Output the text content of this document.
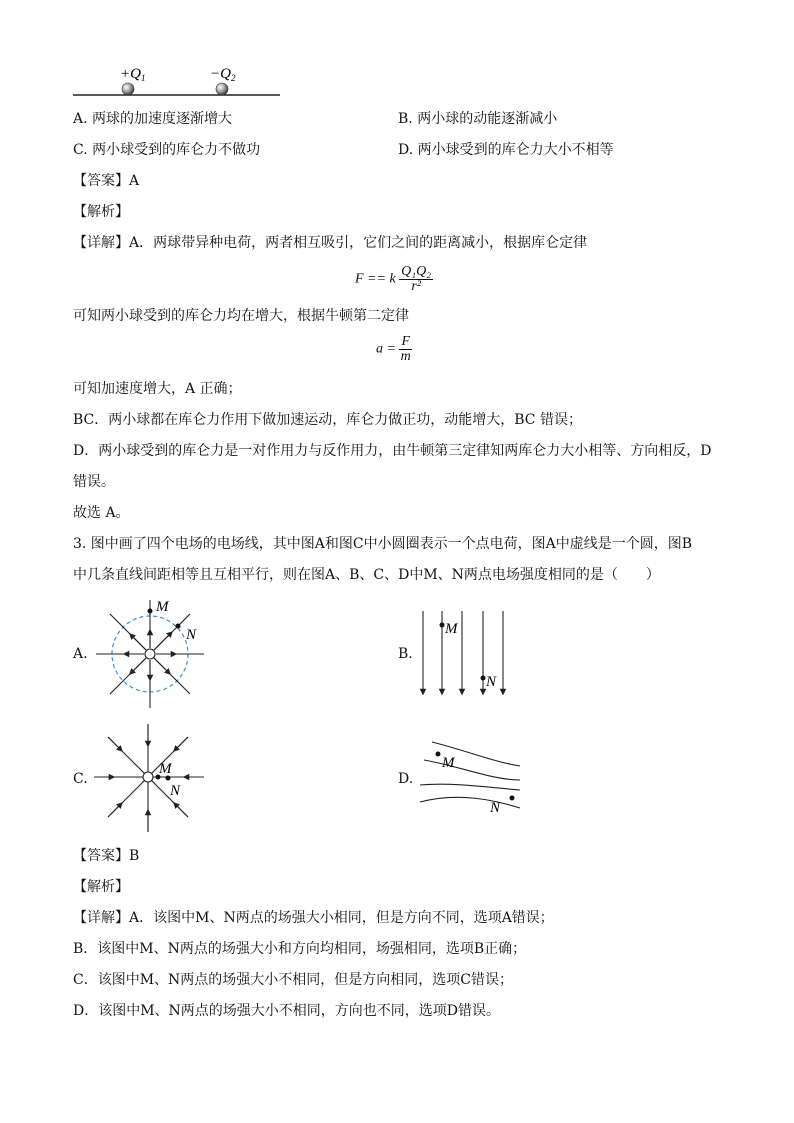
$+Q_1$	$-Q_2$
A. 两球的加速度逐渐增大	B. 两小球的动能逐渐减小
C. 两小球受到的库仑力不做功	D. 两小球受到的库仑力大小不相等
【答案】A
【解析】
【详解】A．两球带异种电荷，两者相互吸引，它们之间的距离减小，根据库仑定律
F == k $\frac{\text{Q₁Q₂}}{\text{r²}}$
可知两小球受到的库仑力均在增大，根据牛顿第二定律
$a = \frac{F}{m}$
可知加速度增大，A 正确；
BC．两小球都在库仑力作用下做加速运动，库仑力做正功，动能增大，BC 错误；
D．两小球受到的库仑力是一对作用力与反作用力，由牛顿第三定律知两库仑力大小相等、方向相反，D
错误。
故选 A。
3. 图中画了四个电场的电场线，其中图A和图C中小圆圈表示一个点电荷，图A中虚线是一个圆，图B
中几条直线间距相等且互相平行，则在图A、B、C、D中M、N两点电场强度相同的是（　　）
A.
M
N
B.
M
N
C.
M
N
D.
M
N
【答案】B
【解析】
【详解】A．该图中M、N两点的场强大小相同，但是方向不同，选项A错误；
B．该图中M、N两点的场强大小和方向均相同，场强相同，选项B正确；
C．该图中M、N两点的场强大小不相同，但是方向相同，选项C错误；
D．该图中M、N两点的场强大小不相同，方向也不同，选项D错误。
